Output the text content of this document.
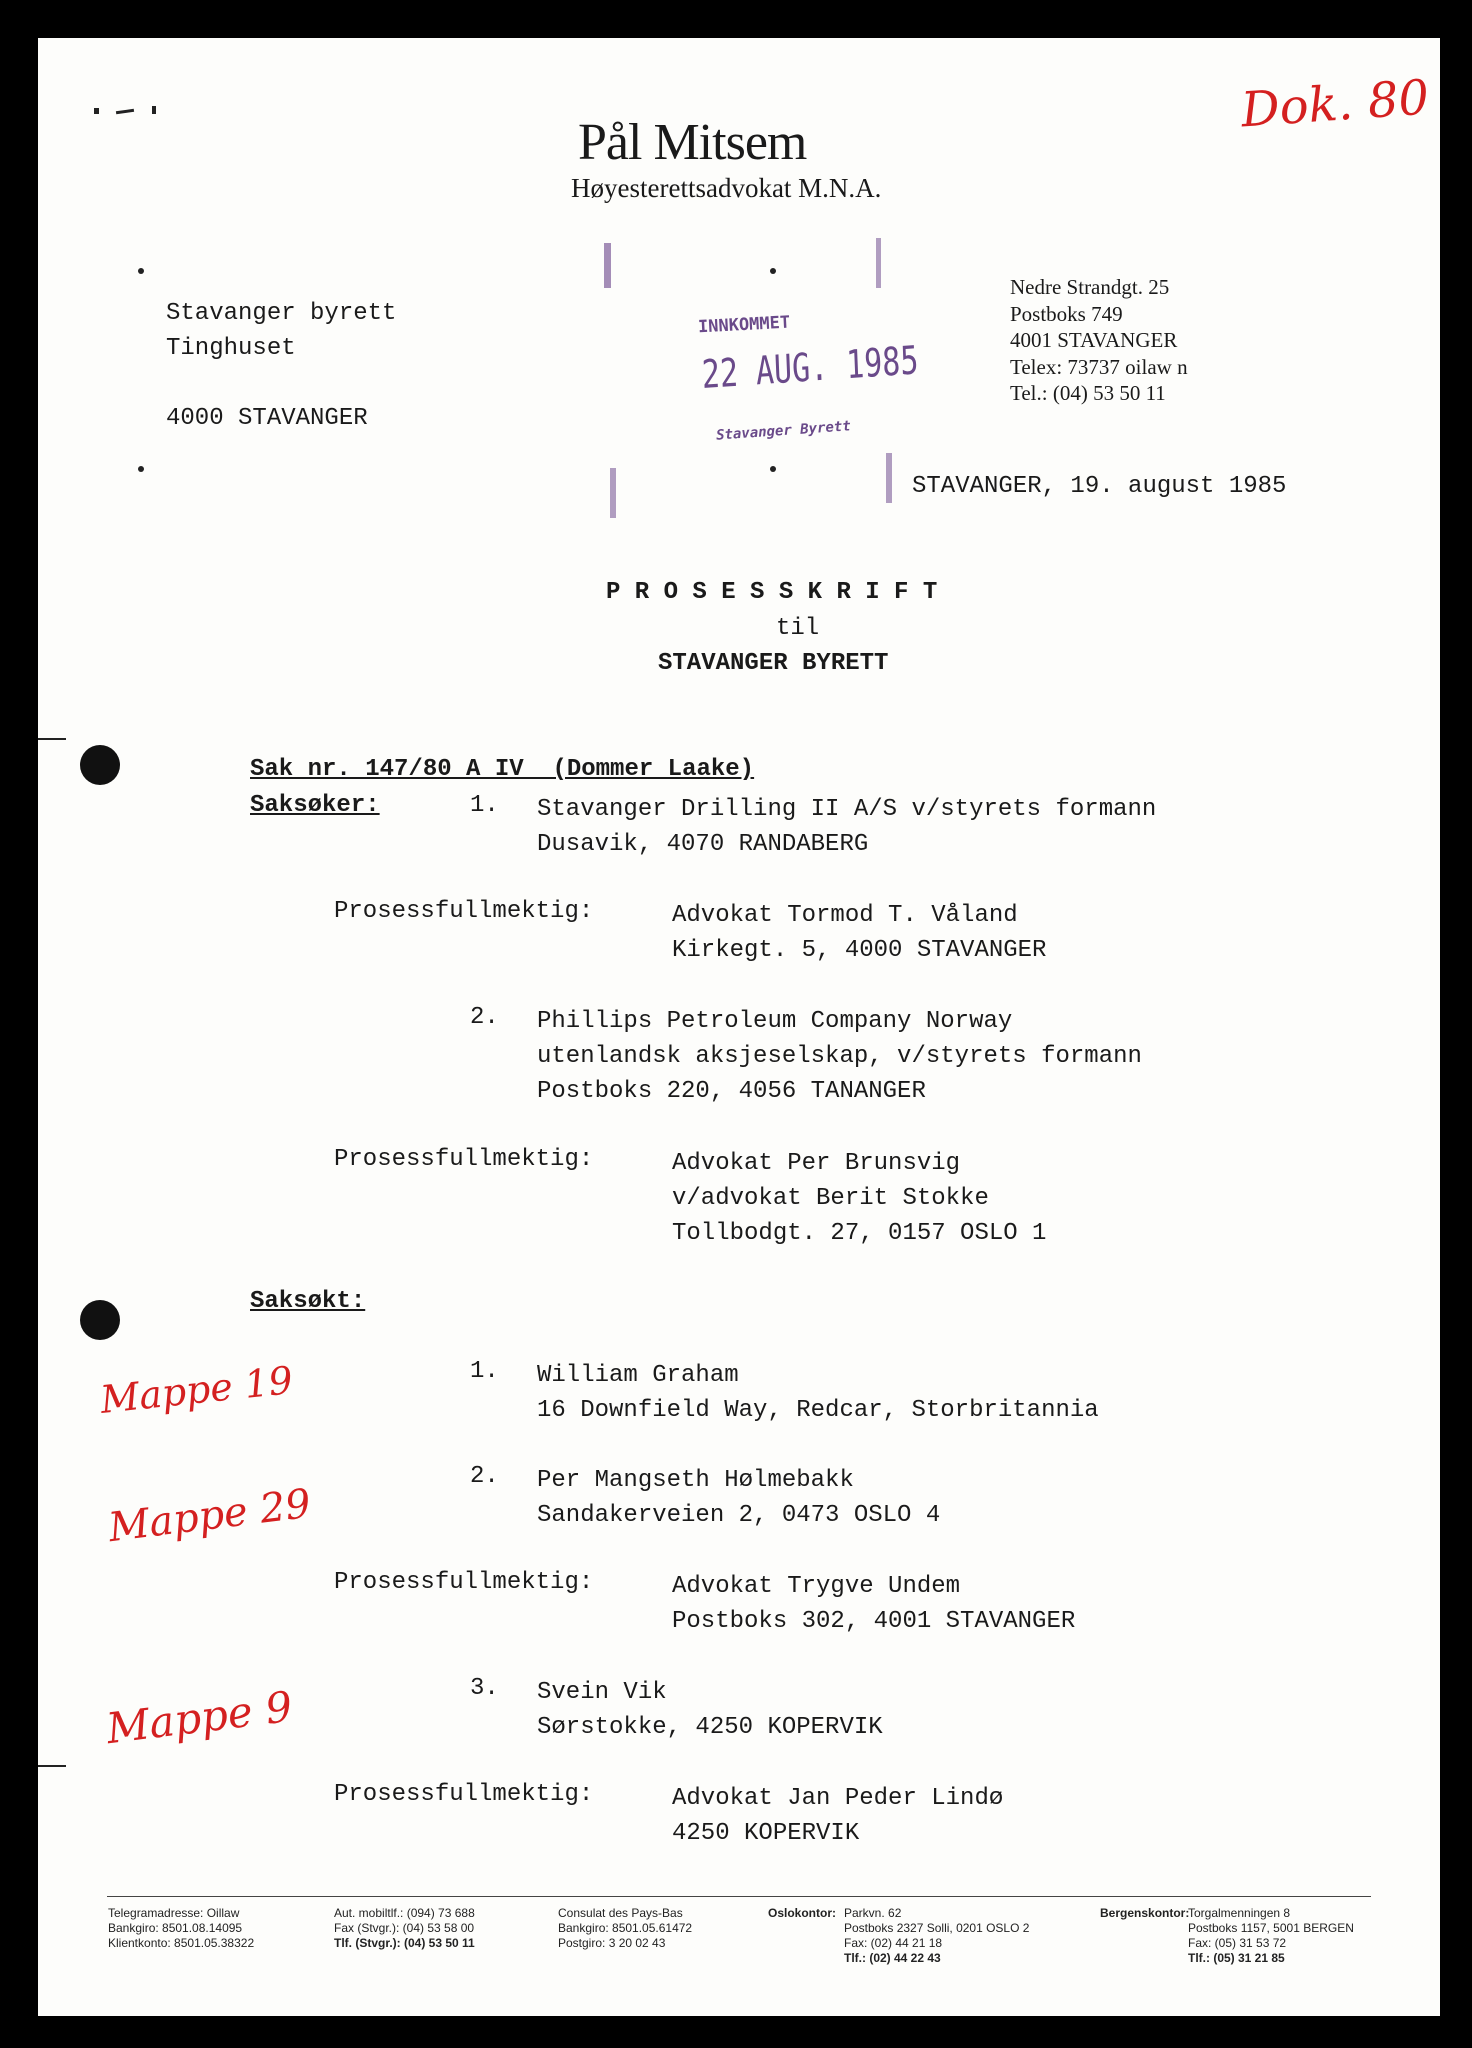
Pål Mitsem
Høyesterettsadvokat M.N.A.
Dok. 80
Nedre Strandgt. 25
Postboks 749
4001 STAVANGER
Telex: 73737 oilaw n
Tel.: (04) 53 50 11
Stavanger byrett
Tinghuset
4000 STAVANGER
INNKOMMET
22 AUG. 1985
Stavanger Byrett
STAVANGER, 19. august 1985
P R O S E S S K R I F T
til
STAVANGER BYRETT
Sak nr. 147/80 A IV  (Dommer Laake)
Saksøker:	1. Stavanger Drilling II A/S v/styrets formann
Dusavik, 4070 RANDABERG
Prosessfullmektig:	Advokat Tormod T. Våland
Kirkegt. 5, 4000 STAVANGER
2. Phillips Petroleum Company Norway
utenlandsk aksjeselskap, v/styrets formann
Postboks 220, 4056 TANANGER
Prosessfullmektig:	Advokat Per Brunsvig
v/advokat Berit Stokke
Tollbodgt. 27, 0157 OSLO 1
Saksøkt:
Mappe 19	1. William Graham
16 Downfield Way, Redcar, Storbritannia
Mappe 29
2. Per Mangseth Hølmebakk
Sandakerveien 2, 0473 OSLO 4
Prosessfullmektig:	Advokat Trygve Undem
Postboks 302, 4001 STAVANGER
Mappe 9	3. Svein Vik
Sørstokke, 4250 KOPERVIK
Prosessfullmektig:	Advokat Jan Peder Lindø
4250 KOPERVIK
Telegramadresse: Oillaw
Bankgiro: 8501.08.14095
Klientkonto: 8501.05.38322
Aut. mobiltlf.: (094) 73 688
Fax (Stvgr.): (04) 53 58 00
Tlf. (Stvgr.): (04) 53 50 11
Consulat des Pays-Bas
Bankgiro: 8501.05.61472
Postgiro: 3 20 02 43
Oslokontor: Parkvn. 62
Postboks 2327 Solli, 0201 OSLO 2
Fax: (02) 44 21 18
Tlf.: (02) 44 22 43
Bergenskontor:
Torgalmenningen 8
Postboks 1157, 5001 BERGEN
Fax: (05) 31 53 72
Tlf.: (05) 31 21 85
